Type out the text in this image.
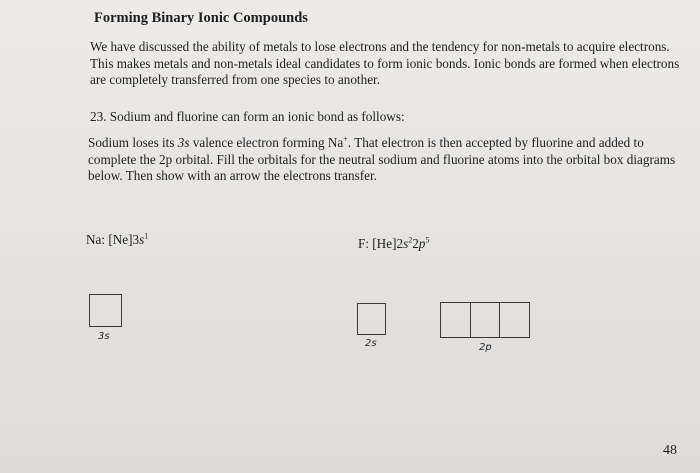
Forming Binary Ionic Compounds
We have discussed the ability of metals to lose electrons and the tendency for non-metals to acquire electrons. This makes metals and non-metals ideal candidates to form ionic bonds. Ionic bonds are formed when electrons are completely transferred from one species to another.
23. Sodium and fluorine can form an ionic bond as follows:
Sodium loses its 3s valence electron forming Na+. That electron is then accepted by fluorine and added to complete the 2p orbital. Fill the orbitals for the neutral sodium and fluorine atoms into the orbital box diagrams below. Then show with an arrow the electrons transfer.
Na: $[Ne]3s^1$	F: $[He]2s^22p^5$
3s
2s	2p
48
